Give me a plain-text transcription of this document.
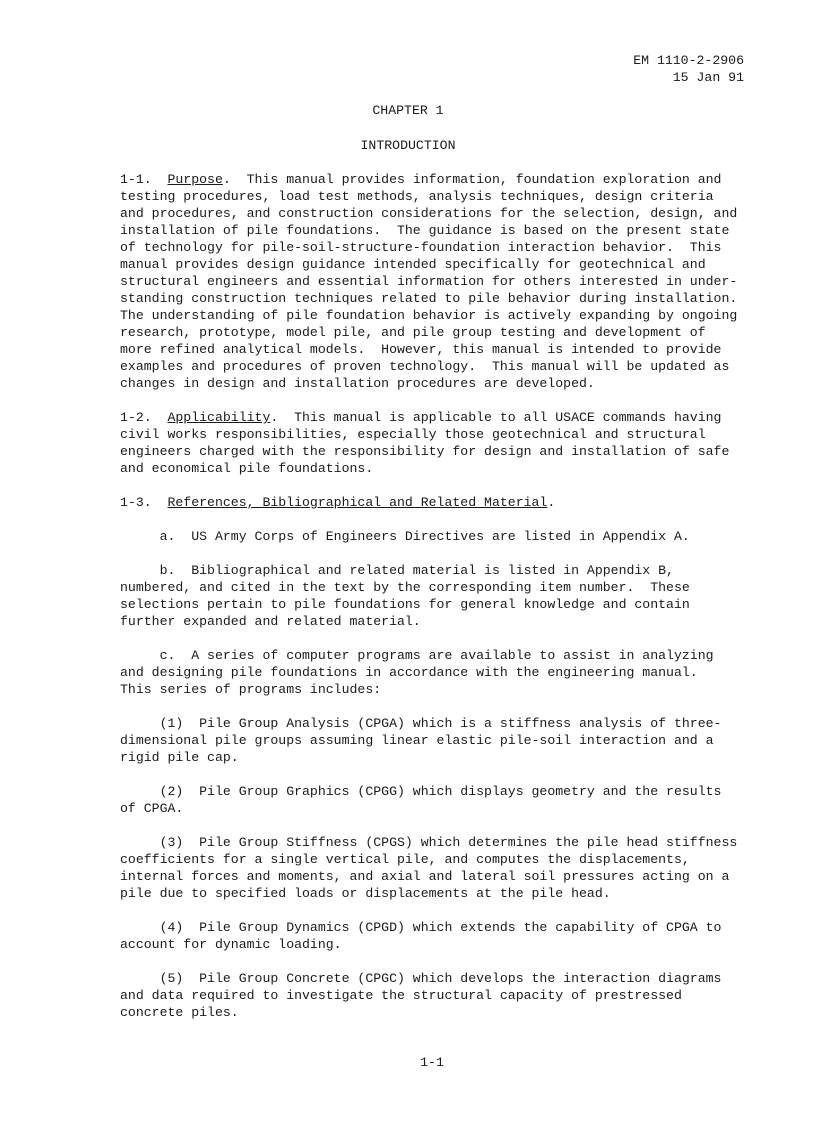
EM 1110-2-2906
15 Jan 91
CHAPTER 1
INTRODUCTION
1-1.  Purpose.  This manual provides information, foundation exploration and
testing procedures, load test methods, analysis techniques, design criteria
and procedures, and construction considerations for the selection, design, and
installation of pile foundations.  The guidance is based on the present state
of technology for pile-soil-structure-foundation interaction behavior.  This
manual provides design guidance intended specifically for geotechnical and
structural engineers and essential information for others interested in under-
standing construction techniques related to pile behavior during installation.
The understanding of pile foundation behavior is actively expanding by ongoing
research, prototype, model pile, and pile group testing and development of
more refined analytical models.  However, this manual is intended to provide
examples and procedures of proven technology.  This manual will be updated as
changes in design and installation procedures are developed.
1-2.  Applicability.  This manual is applicable to all USACE commands having
civil works responsibilities, especially those geotechnical and structural
engineers charged with the responsibility for design and installation of safe
and economical pile foundations.
1-3.  References, Bibliographical and Related Material.
a.  US Army Corps of Engineers Directives are listed in Appendix A.
b.  Bibliographical and related material is listed in Appendix B,
numbered, and cited in the text by the corresponding item number.  These
selections pertain to pile foundations for general knowledge and contain
further expanded and related material.
c.  A series of computer programs are available to assist in analyzing
and designing pile foundations in accordance with the engineering manual.
This series of programs includes:
(1)  Pile Group Analysis (CPGA) which is a stiffness analysis of three-
dimensional pile groups assuming linear elastic pile-soil interaction and a
rigid pile cap.
(2)  Pile Group Graphics (CPGG) which displays geometry and the results
of CPGA.
(3)  Pile Group Stiffness (CPGS) which determines the pile head stiffness
coefficients for a single vertical pile, and computes the displacements,
internal forces and moments, and axial and lateral soil pressures acting on a
pile due to specified loads or displacements at the pile head.
(4)  Pile Group Dynamics (CPGD) which extends the capability of CPGA to
account for dynamic loading.
(5)  Pile Group Concrete (CPGC) which develops the interaction diagrams
and data required to investigate the structural capacity of prestressed
concrete piles.
1-1
